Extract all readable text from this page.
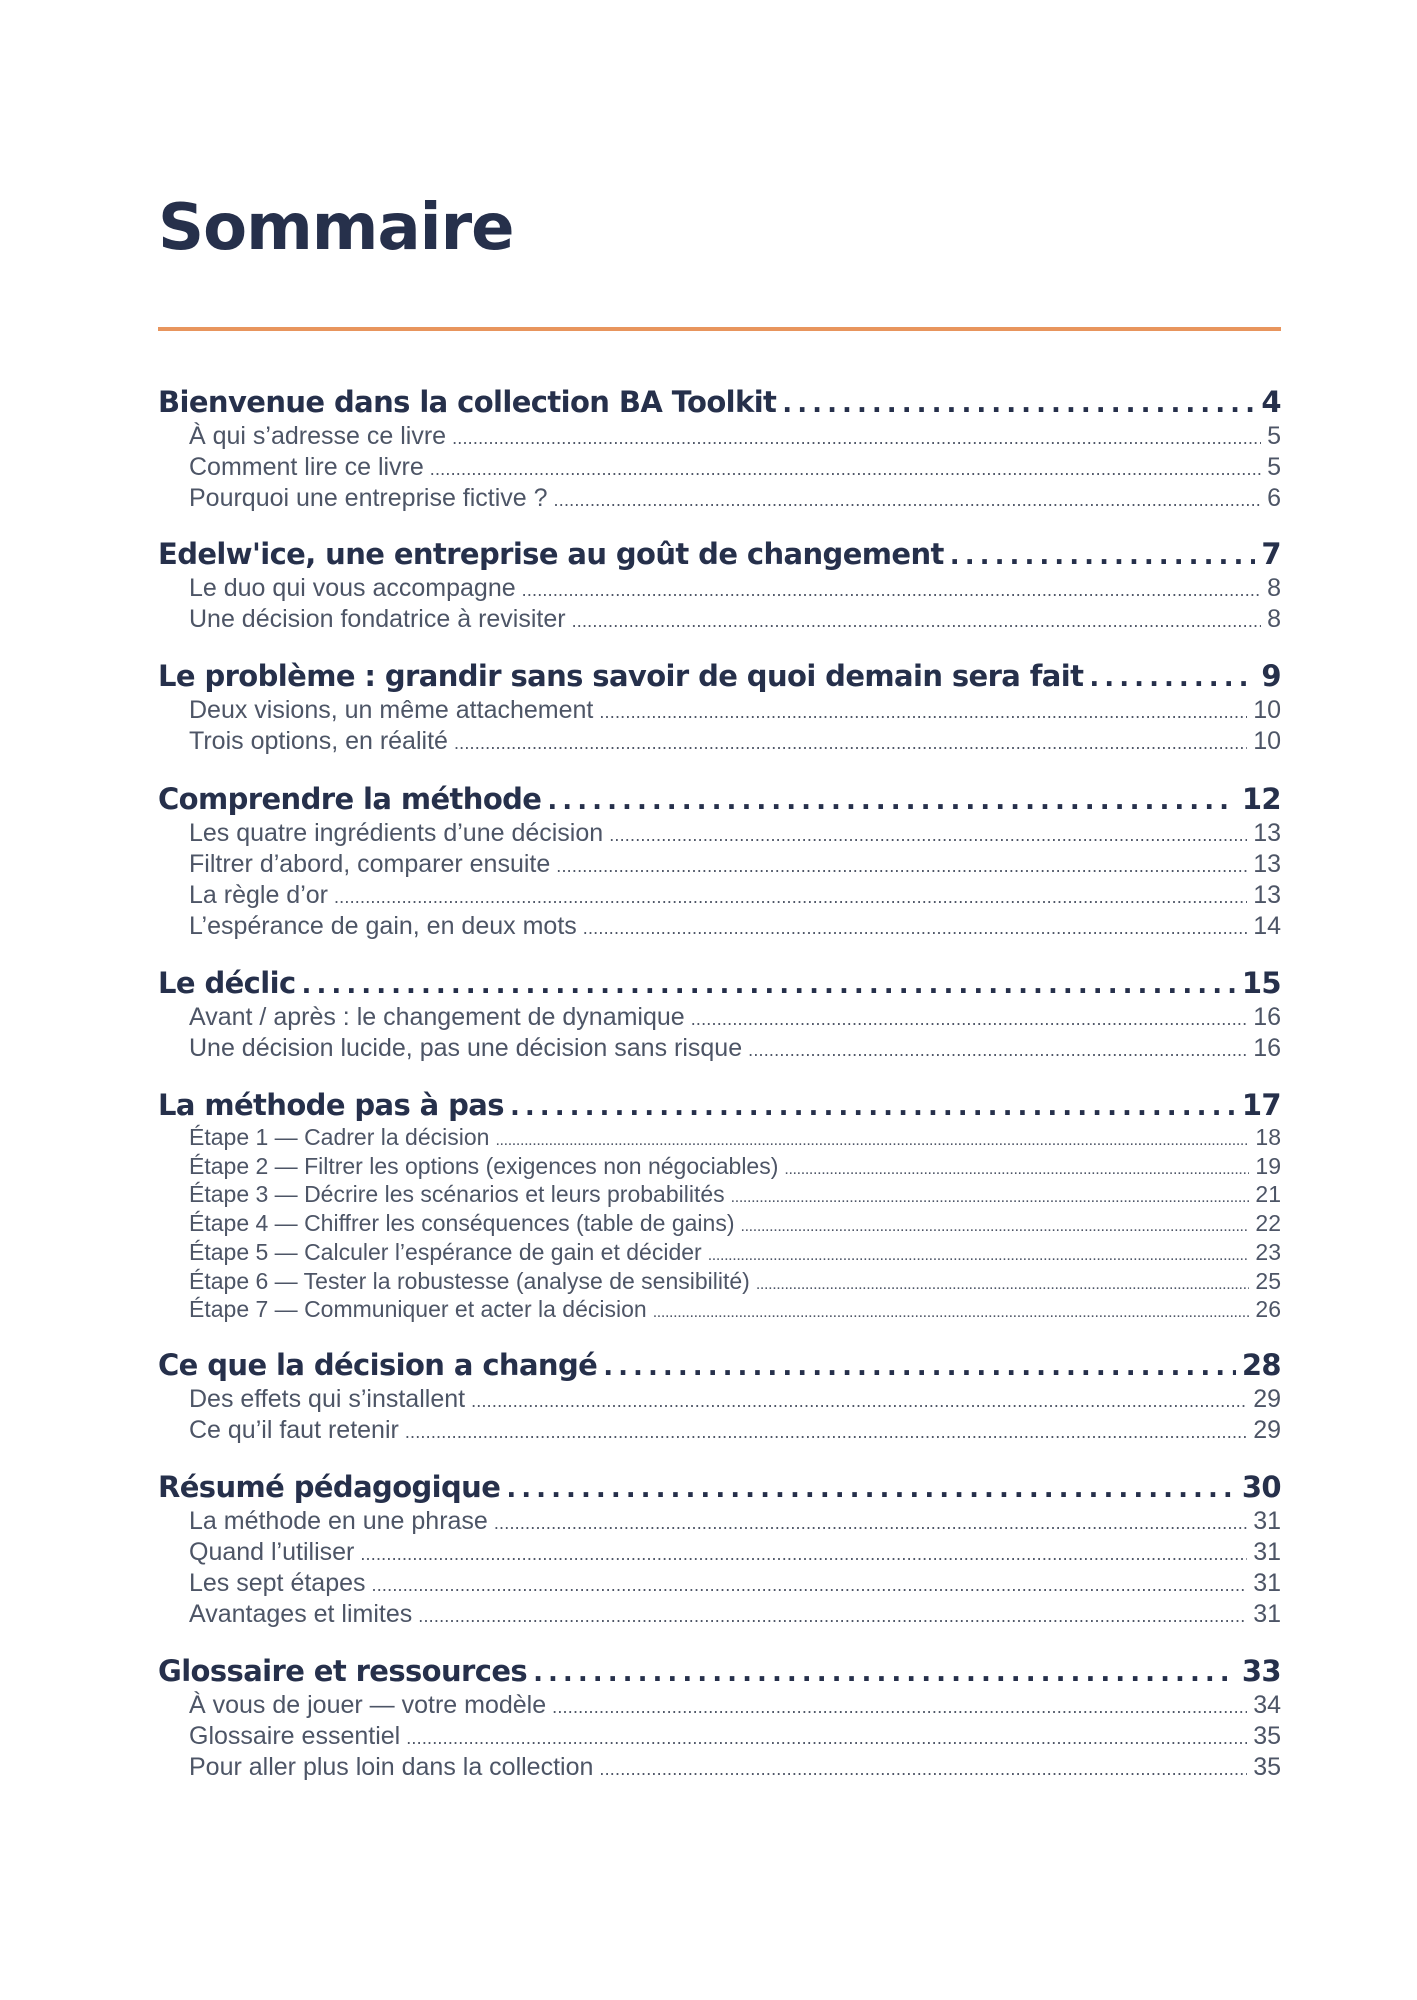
Sommaire
Bienvenue dans la collection BA Toolkit . . .	4
À qui s’adresse ce livre . . .	5
Comment lire ce livre . . .	5
Pourquoi une entreprise fictive ? . . .	6
Edelw'ice, une entreprise au goût de changement . . .	7
Le duo qui vous accompagne . . .	8
Une décision fondatrice à revisiter . . .	8
Le problème : grandir sans savoir de quoi demain sera fait . . .	9
Deux visions, un même attachement . . .	10
Trois options, en réalité . . .	10
Comprendre la méthode . . .	12
Les quatre ingrédients d’une décision . . .	13
Filtrer d’abord, comparer ensuite . . .	13
La règle d’or . . .	13
L’espérance de gain, en deux mots . . .	14
Le déclic . . .	15
Avant / après : le changement de dynamique . . .	16
Une décision lucide, pas une décision sans risque . . .	16
La méthode pas à pas . . .	17
Étape 1 — Cadrer la décision . . .	18
Étape 2 — Filtrer les options (exigences non négociables) . . .	19
Étape 3 — Décrire les scénarios et leurs probabilités . . .	21
Étape 4 — Chiffrer les conséquences (table de gains) . . .	22
Étape 5 — Calculer l’espérance de gain et décider . . .	23
Étape 6 — Tester la robustesse (analyse de sensibilité) . . .	25
Étape 7 — Communiquer et acter la décision . . .	26
Ce que la décision a changé . . .	28
Des effets qui s’installent . . .	29
Ce qu’il faut retenir . . .	29
Résumé pédagogique . . .	30
La méthode en une phrase . . .	31
Quand l’utiliser . . .	31
Les sept étapes . . .	31
Avantages et limites . . .	31
Glossaire et ressources . . .	33
À vous de jouer — votre modèle . . .	34
Glossaire essentiel . . .	35
Pour aller plus loin dans la collection . . .	35
